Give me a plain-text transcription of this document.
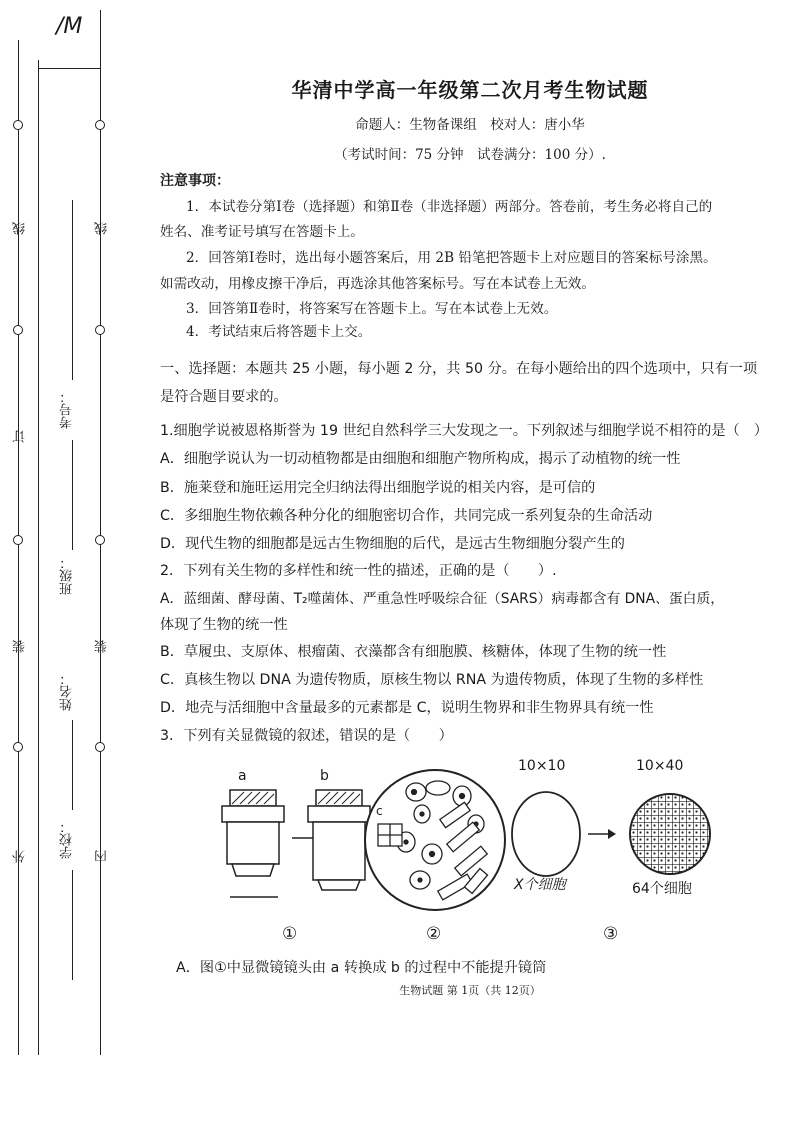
/M
线
订
装
外
线
装
内
考号：
班级：
姓名：
学校：
华清中学高一年级第二次月考生物试题
命题人：生物备课组　校对人：唐小华
（考试时间：75 分钟　试卷满分：100 分）.
注意事项：
1．本试卷分第Ⅰ卷（选择题）和第Ⅱ卷（非选择题）两部分。答卷前，考生务必将自己的
姓名、准考证号填写在答题卡上。
2．回答第Ⅰ卷时，选出每小题答案后，用 2B 铅笔把答题卡上对应题目的答案标号涂黑。
如需改动，用橡皮擦干净后，再选涂其他答案标号。写在本试卷上无效。
3．回答第Ⅱ卷时，将答案写在答题卡上。写在本试卷上无效。
4．考试结束后将答题卡上交。
一、选择题：本题共 25 小题，每小题 2 分，共 50 分。在每小题给出的四个选项中，只有一项
是符合题目要求的。
1.细胞学说被恩格斯誉为 19 世纪自然科学三大发现之一。下列叙述与细胞学说不相符的是（　）
A．细胞学说认为一切动植物都是由细胞和细胞产物所构成，揭示了动植物的统一性
B．施莱登和施旺运用完全归纳法得出细胞学说的相关内容，是可信的
C．多细胞生物依赖各种分化的细胞密切合作，共同完成一系列复杂的生命活动
D．现代生物的细胞都是远古生物细胞的后代，是远古生物细胞分裂产生的
2．下列有关生物的多样性和统一性的描述，正确的是（　　）.
A．蓝细菌、酵母菌、T₂噬菌体、严重急性呼吸综合征（SARS）病毒都含有 DNA、蛋白质，
体现了生物的统一性
B．草履虫、支原体、根瘤菌、衣藻都含有细胞膜、核糖体，体现了生物的统一性
C．真核生物以 DNA 为遗传物质，原核生物以 RNA 为遗传物质，体现了生物的多样性
D．地壳与活细胞中含量最多的元素都是 C，说明生物界和非生物界具有统一性
3．下列有关显微镜的叙述，错误的是（　　）
a	b
c
10×10	10×40
X个细胞	64个细胞
①	②	③
A．图①中显微镜镜头由 a 转换成 b 的过程中不能提升镜筒
生物试题 第 1页（共 12页）
